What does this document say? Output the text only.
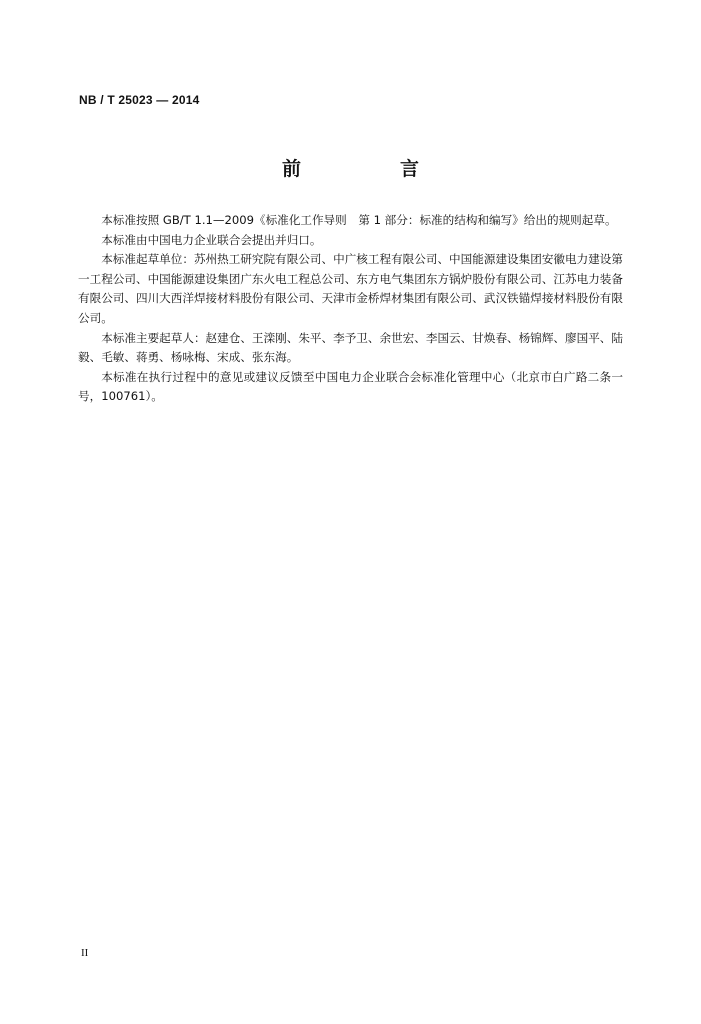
NB / T 25023 — 2014
前　言

本标准按照 GB/T 1.1—2009《标准化工作导则　第 1 部分：标准的结构和编写》给出的规则起草。

本标准由中国电力企业联合会提出并归口。

本标准起草单位：苏州热工研究院有限公司、中广核工程有限公司、中国能源建设集团安徽电力建设第一工程公司、中国能源建设集团广东火电工程总公司、东方电气集团东方锅炉股份有限公司、江苏电力装备有限公司、四川大西洋焊接材料股份有限公司、天津市金桥焊材集团有限公司、武汉铁锚焊接材料股份有限公司。

本标准主要起草人：赵建仓、王滦刚、朱平、李予卫、余世宏、李国云、甘焕春、杨锦辉、廖国平、陆毅、毛敏、蒋勇、杨咏梅、宋成、张东海。

本标准在执行过程中的意见或建议反馈至中国电力企业联合会标准化管理中心（北京市白广路二条一号，100761）。

II
